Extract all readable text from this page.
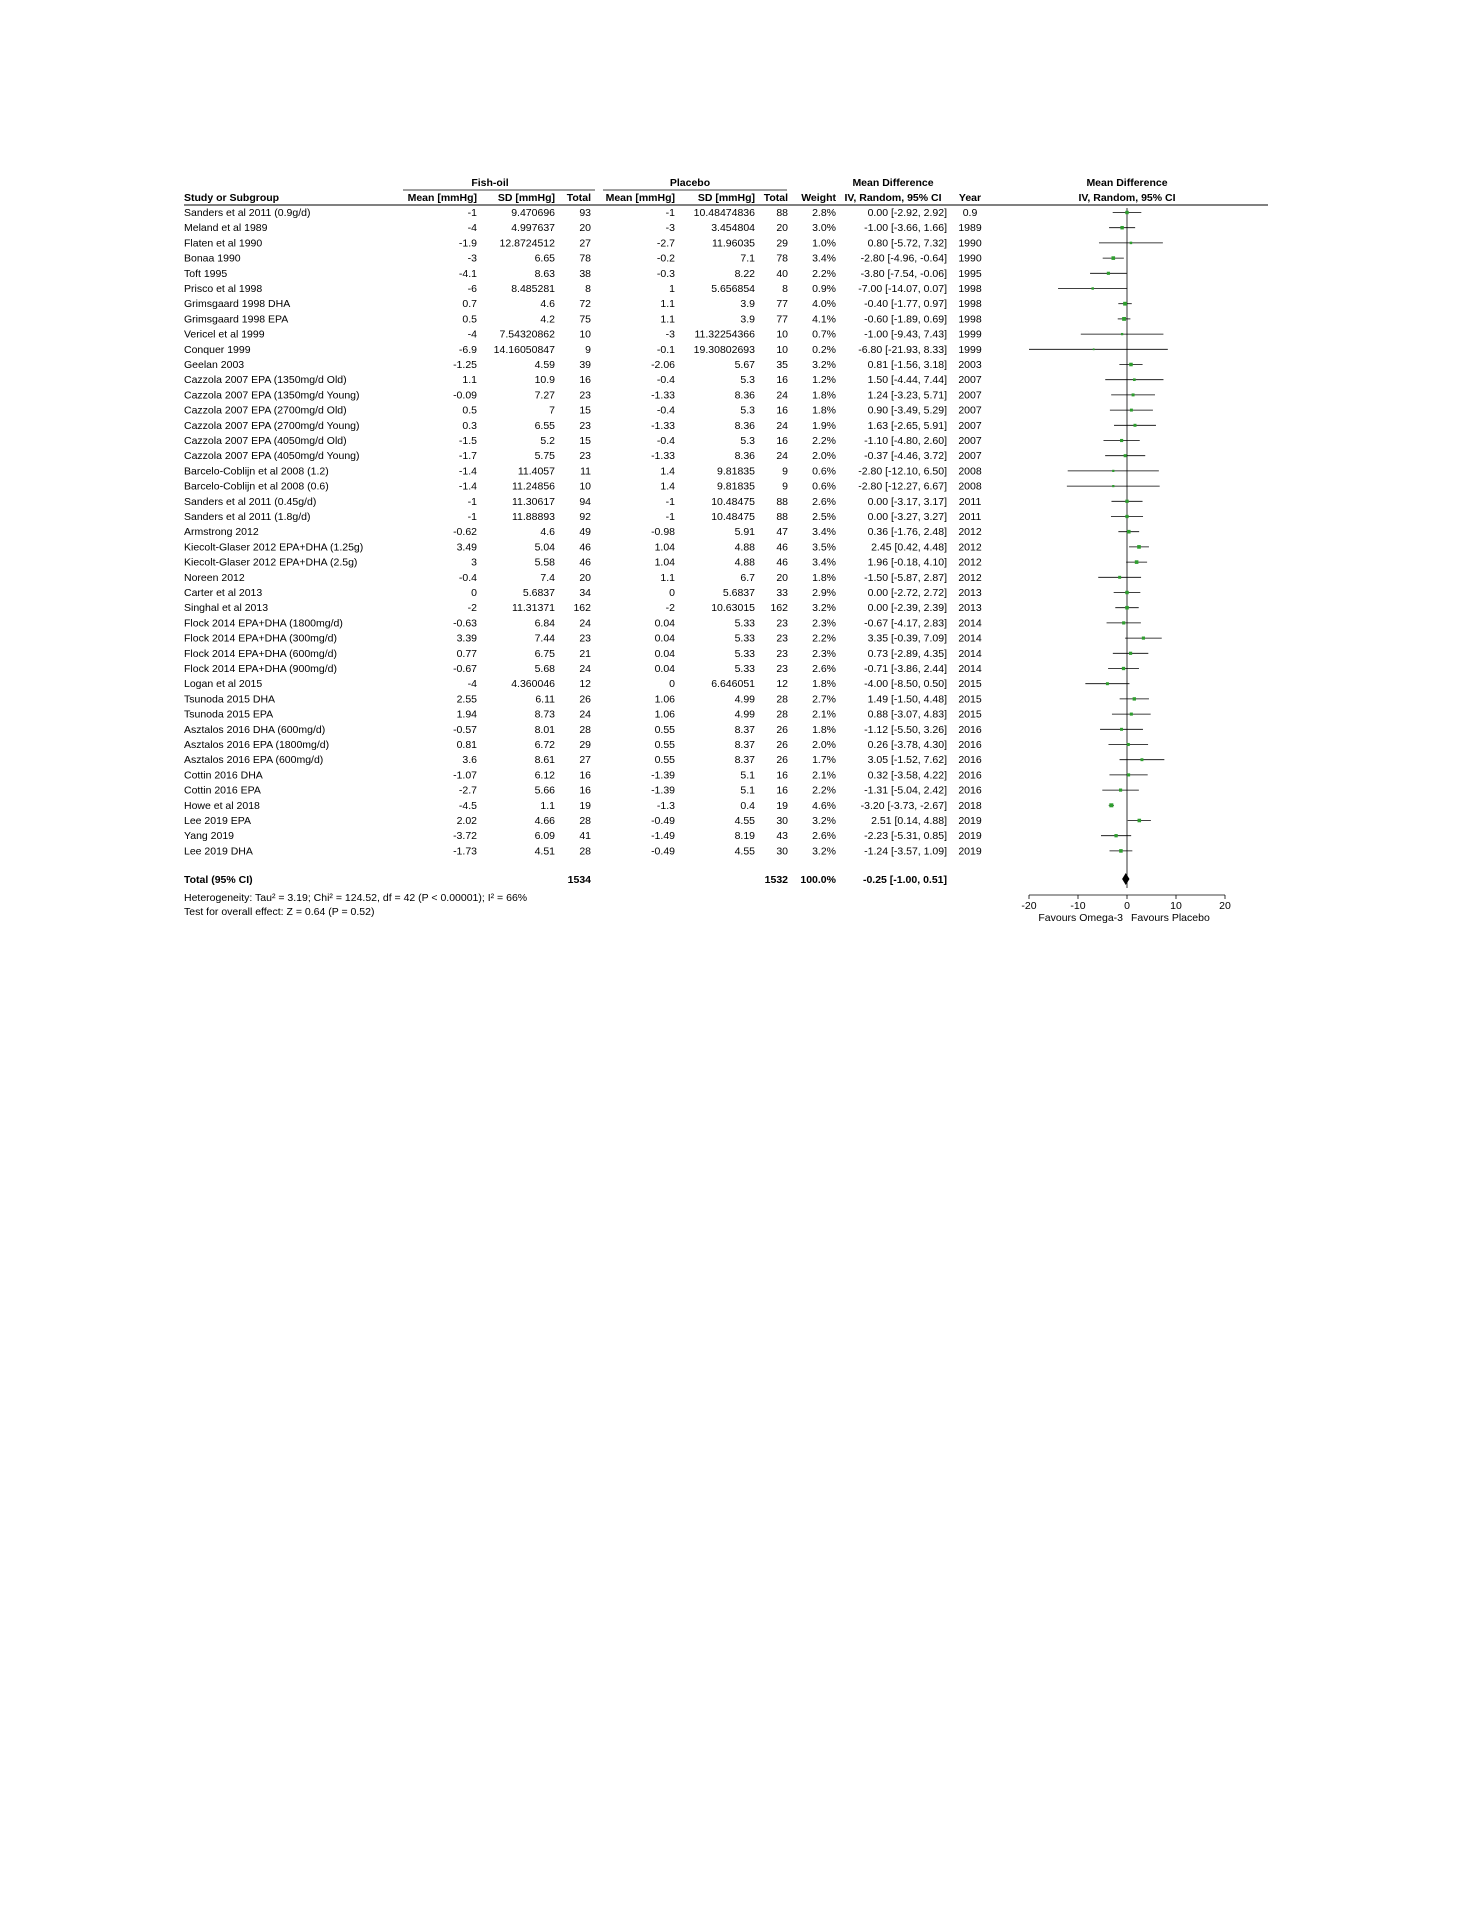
Fish-oil	Placebo	Mean Difference	Mean Difference
Study or Subgroup	Mean [mmHg] SD [mmHg] Total Mean [mmHg] SD [mmHg] Total Weight IV, Random, 95% CI Year	IV, Random, 95% CI
Sanders et al 2011 (0.9g/d)	-1	9.470696 93	-1 10.48474836 88 2.8%	0.00 [-2.92, 2.92] 0.9
Meland et al 1989	-4	4.997637 20	-3	3.454804 20 3.0%	-1.00 [-3.66, 1.66] 1989
Flaten et al 1990	-1.9 12.8724512 27	-2.7	11.96035 29 1.0%	0.80 [-5.72, 7.32] 1990
Bonaa 1990	-3	6.65 78	-0.2	7.1 78 3.4% -2.80 [-4.96, -0.64] 1990
Toft 1995	-4.1	8.63 38	-0.3	8.22 40 2.2% -3.80 [-7.54, -0.06] 1995
Prisco et al 1998	-6	8.485281	8	1	5.656854	8 0.9% -7.00 [-14.07, 0.07] 1998
Grimsgaard 1998 DHA	0.7	4.6 72	1.1	3.9 77 4.0%	-0.40 [-1.77, 0.97] 1998
Grimsgaard 1998 EPA	0.5	4.2 75	1.1	3.9 77 4.1%	-0.60 [-1.89, 0.69] 1998
Vericel et al 1999	-4 7.54320862 10	-3 11.32254366 10 0.7%	-1.00 [-9.43, 7.43] 1999
Conquer 1999	-6.9 14.16050847	9	-0.1 19.30802693 10 0.2% -6.80 [-21.93, 8.33] 1999
Geelan 2003	-1.25	4.59 39	-2.06	5.67 35 3.2%	0.81 [-1.56, 3.18] 2003
Cazzola 2007 EPA (1350mg/d Old)	1.1	10.9 16	-0.4	5.3 16 1.2%	1.50 [-4.44, 7.44] 2007
Cazzola 2007 EPA (1350mg/d Young)	-0.09	7.27 23	-1.33	8.36 24 1.8%	1.24 [-3.23, 5.71] 2007
Cazzola 2007 EPA (2700mg/d Old)	0.5	7 15	-0.4	5.3 16 1.8%	0.90 [-3.49, 5.29] 2007
Cazzola 2007 EPA (2700mg/d Young)	0.3	6.55 23	-1.33	8.36 24 1.9%	1.63 [-2.65, 5.91] 2007
Cazzola 2007 EPA (4050mg/d Old)	-1.5	5.2 15	-0.4	5.3 16 2.2%	-1.10 [-4.80, 2.60] 2007
Cazzola 2007 EPA (4050mg/d Young)	-1.7	5.75 23	-1.33	8.36 24 2.0%	-0.37 [-4.46, 3.72] 2007
Barcelo-Coblijn et al 2008 (1.2)	-1.4	11.4057 11	1.4	9.81835	9 0.6% -2.80 [-12.10, 6.50] 2008
Barcelo-Coblijn et al 2008 (0.6)	-1.4	11.24856 10	1.4	9.81835	9 0.6% -2.80 [-12.27, 6.67] 2008
Sanders et al 2011 (0.45g/d)	-1	11.30617 94	-1	10.48475 88 2.6%	0.00 [-3.17, 3.17] 2011
Sanders et al 2011 (1.8g/d)	-1	11.88893 92	-1	10.48475 88 2.5%	0.00 [-3.27, 3.27] 2011
Armstrong 2012	-0.62	4.6 49	-0.98	5.91 47 3.4%	0.36 [-1.76, 2.48] 2012
Kiecolt-Glaser 2012 EPA+DHA (1.25g)	3.49	5.04 46	1.04	4.88 46 3.5%	2.45 [0.42, 4.48] 2012
Kiecolt-Glaser 2012 EPA+DHA (2.5g)	3	5.58 46	1.04	4.88 46 3.4%	1.96 [-0.18, 4.10] 2012
Noreen 2012	-0.4	7.4 20	1.1	6.7 20 1.8%	-1.50 [-5.87, 2.87] 2012
Carter et al 2013	0	5.6837 34	0	5.6837 33 2.9%	0.00 [-2.72, 2.72] 2013
Singhal et al 2013	-2	11.31371 162	-2	10.63015 162 3.2%	0.00 [-2.39, 2.39] 2013
Flock 2014 EPA+DHA (1800mg/d)	-0.63	6.84 24	0.04	5.33 23 2.3%	-0.67 [-4.17, 2.83] 2014
Flock 2014 EPA+DHA (300mg/d)	3.39	7.44 23	0.04	5.33 23 2.2%	3.35 [-0.39, 7.09] 2014
Flock 2014 EPA+DHA (600mg/d)	0.77	6.75 21	0.04	5.33 23 2.3%	0.73 [-2.89, 4.35] 2014
Flock 2014 EPA+DHA (900mg/d)	-0.67	5.68 24	0.04	5.33 23 2.6%	-0.71 [-3.86, 2.44] 2014
Logan et al 2015	-4	4.360046 12	0	6.646051 12 1.8%	-4.00 [-8.50, 0.50] 2015
Tsunoda 2015 DHA	2.55	6.11 26	1.06	4.99 28 2.7%	1.49 [-1.50, 4.48] 2015
Tsunoda 2015 EPA	1.94	8.73 24	1.06	4.99 28 2.1%	0.88 [-3.07, 4.83] 2015
Asztalos 2016 DHA (600mg/d)	-0.57	8.01 28	0.55	8.37 26 1.8%	-1.12 [-5.50, 3.26] 2016
Asztalos 2016 EPA (1800mg/d)	0.81	6.72 29	0.55	8.37 26 2.0%	0.26 [-3.78, 4.30] 2016
Asztalos 2016 EPA (600mg/d)	3.6	8.61 27	0.55	8.37 26 1.7%	3.05 [-1.52, 7.62] 2016
Cottin 2016 DHA	-1.07	6.12 16	-1.39	5.1 16 2.1%	0.32 [-3.58, 4.22] 2016
Cottin 2016 EPA	-2.7	5.66 16	-1.39	5.1 16 2.2%	-1.31 [-5.04, 2.42] 2016
Howe et al 2018	-4.5	1.1 19	-1.3	0.4 19 4.6% -3.20 [-3.73, -2.67] 2018
Lee 2019 EPA	2.02	4.66 28	-0.49	4.55 30 3.2%	2.51 [0.14, 4.88] 2019
Yang 2019	-3.72	6.09 41	-1.49	8.19 43 2.6%	-2.23 [-5.31, 0.85] 2019
Lee 2019 DHA	-1.73	4.51 28	-0.49	4.55 30 3.2%	-1.24 [-3.57, 1.09] 2019
-20	-10	0	10	20
Favours Omega-3 Favours Placebo
Total (95% CI)	1534	1532 100.0%	-0.25 [-1.00, 0.51]
Heterogeneity: Tau² = 3.19; Chi² = 124.52, df = 42 (P < 0.00001); I² = 66%
Test for overall effect: Z = 0.64 (P = 0.52)
